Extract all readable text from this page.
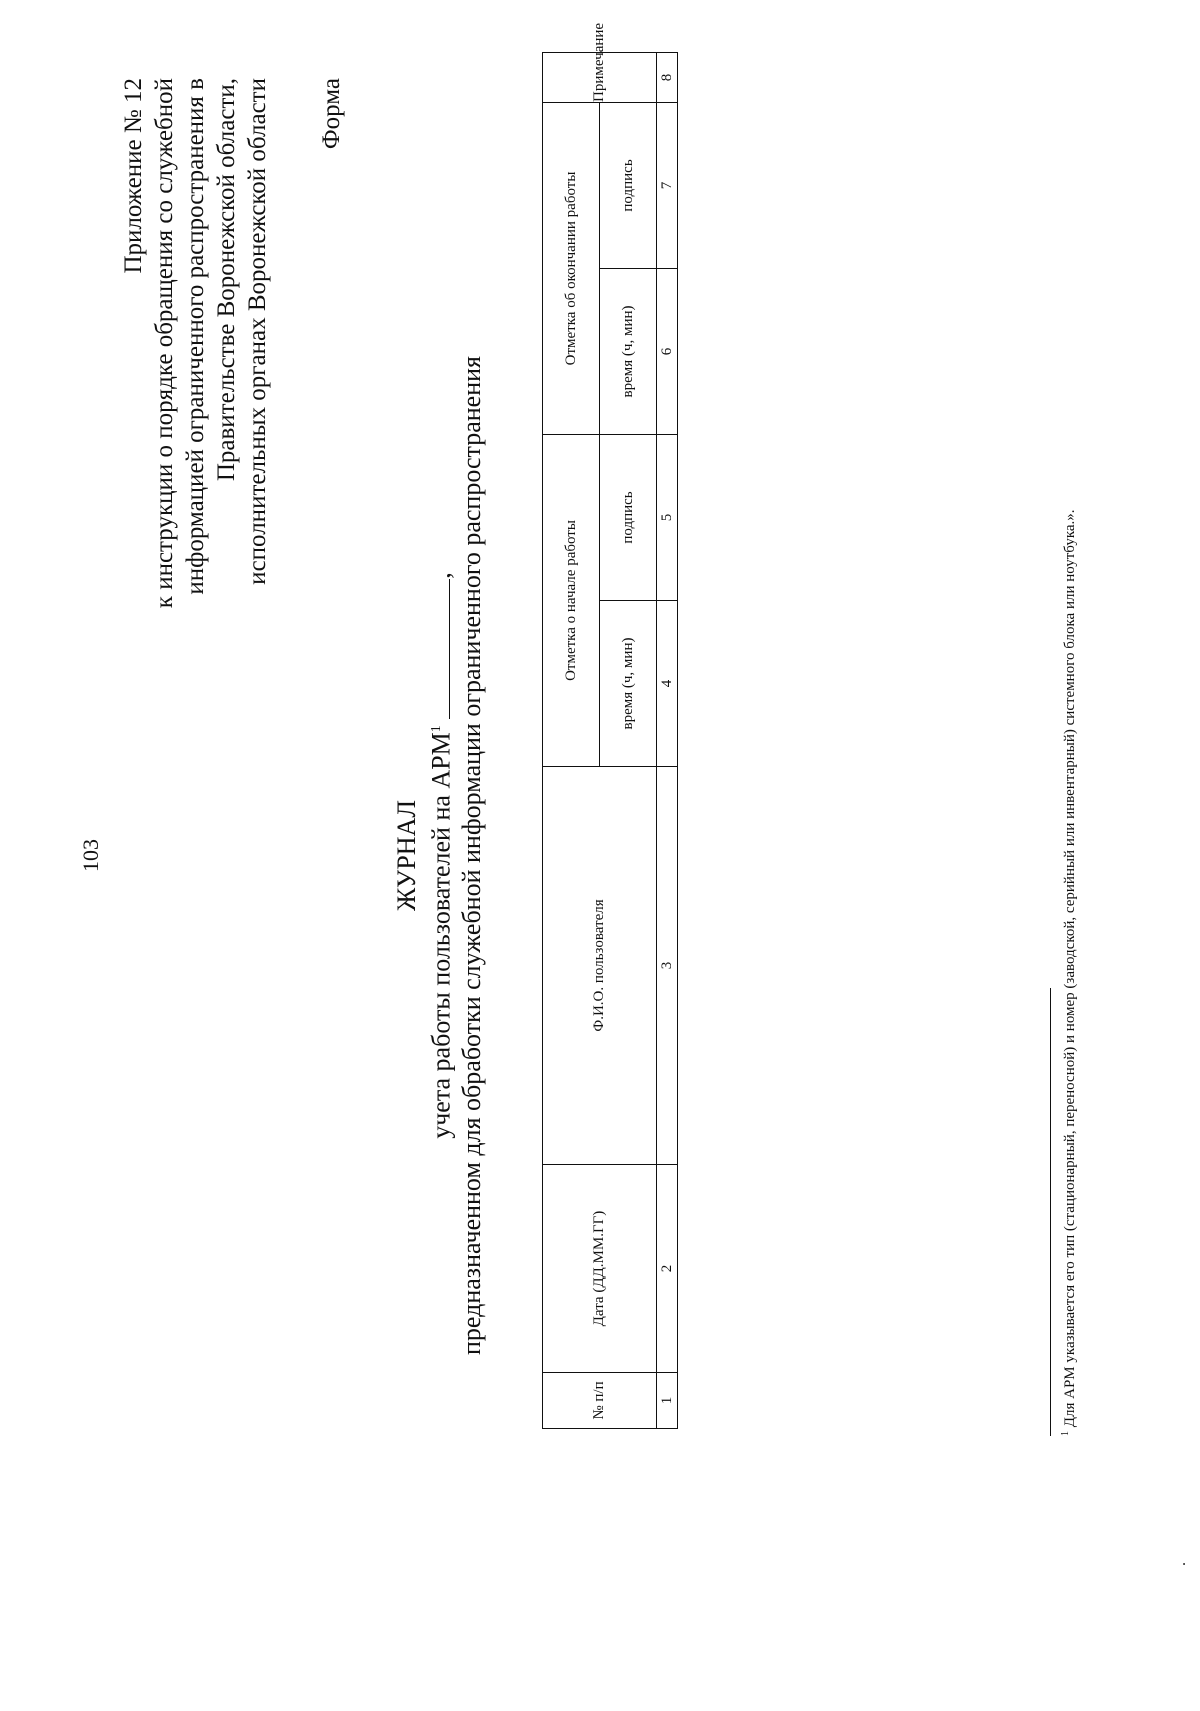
103
Приложение № 12 к инструкции о порядке обращения со служебной информацией ограниченного распространения в Правительстве Воронежской области, исполнительных органах Воронежской области Форма
ЖУРНАЛ учета работы пользователей на АРМ$^1$ , предназначенном для обработки служебной информации ограниченного распространения
№ п/п	Дата (ДД.ММ.ГГ)	Ф.И.О. пользователя	Отметка о начале работы		Отметка об окончании работы		Примечание
			время (ч, мин)	подпись	время (ч, мин)	подпись	
1	2	3	4	5	6	7	8
$^1$ Для АРМ указывается его тип (стационарный, переносной) и номер (заводской, серийный или инвентарный) системного блока или ноутбука.».
.
